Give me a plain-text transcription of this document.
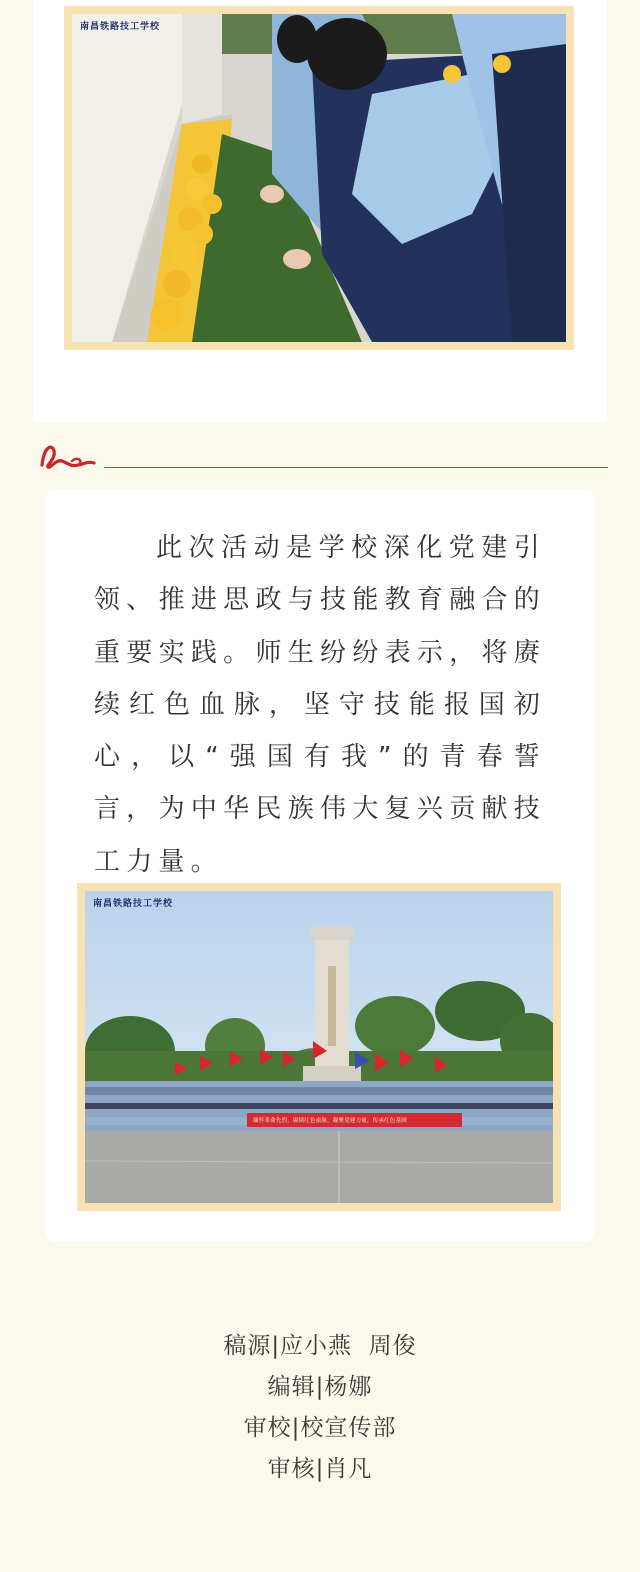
南昌铁路技工学校
此次活动是学校深化党建引领、推进思政与技能教育融合的重要实践。师生纷纷表示，将赓续红色血脉，坚守技能报国初心，以“强国有我”的青春誓言，为中华民族伟大复兴贡献技工力量。
南昌铁路技工学校
缅怀革命先烈，赓续红色血脉，凝聚党建力量，传承红色基因
稿源|应小燕  周俊
编辑|杨娜
审校|校宣传部
审核|肖凡
